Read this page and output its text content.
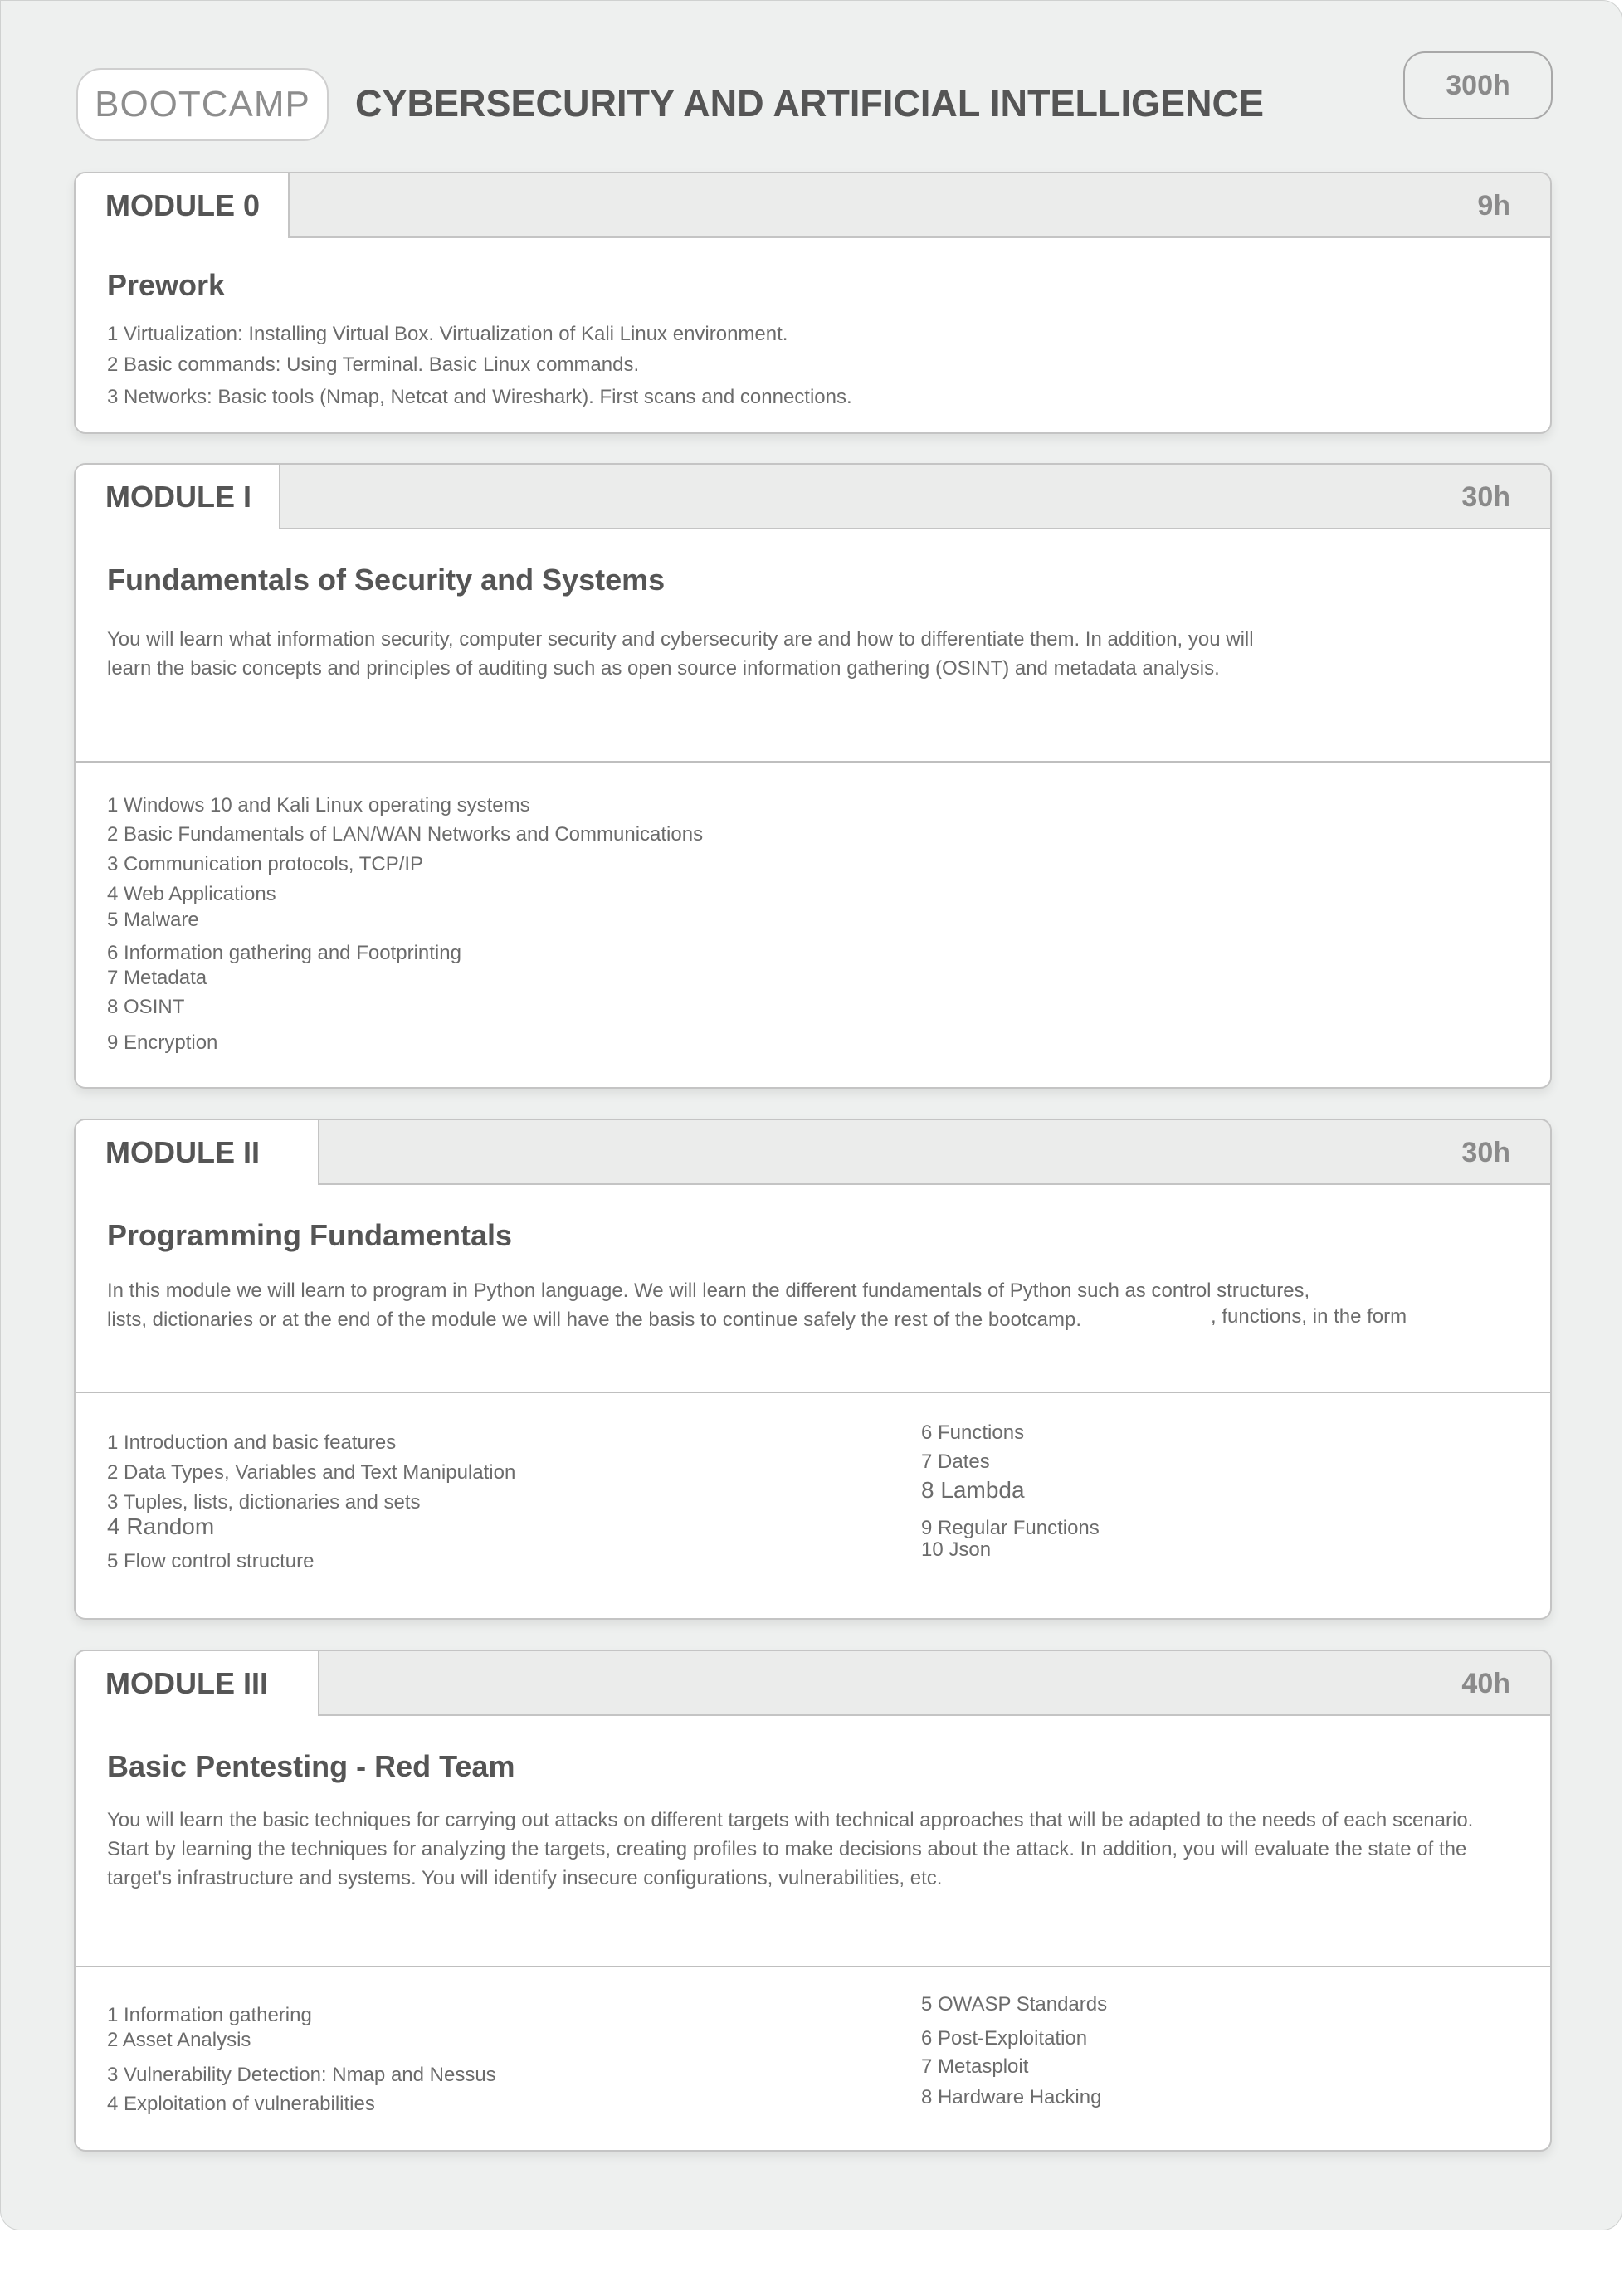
BOOTCAMP	CYBERSECURITY AND ARTIFICIAL INTELLIGENCE	300h
MODULE 0	9h
Prework
1 Virtualization: Installing Virtual Box. Virtualization of Kali Linux environment.
2 Basic commands: Using Terminal. Basic Linux commands.
3 Networks: Basic tools (Nmap, Netcat and Wireshark). First scans and connections.
MODULE I	30h
Fundamentals of Security and Systems

You will learn what information security, computer security and cybersecurity are and how to differentiate them. In addition, you will

learn the basic concepts and principles of auditing such as open source information gathering (OSINT) and metadata analysis.

1 Windows 10 and Kali Linux operating systems
2 Basic Fundamentals of LAN/WAN Networks and Communications
3 Communication protocols, TCP/IP
4 Web Applications
5 Malware
6 Information gathering and Footprinting
7 Metadata
8 OSINT
9 Encryption
MODULE II	30h
Programming Fundamentals

In this module we will learn to program in Python language. We will learn the different fundamentals of Python such as control structures,

lists, dictionaries or at the end of the module we will have the basis to continue safely the rest of the bootcamp.	, functions, in the form
1 Introduction and basic features
2 Data Types, Variables and Text Manipulation
3 Tuples, lists, dictionaries and sets
4 Random
5 Flow control structure
6 Functions
7 Dates
8 Lambda
9 Regular Functions
10 Json
MODULE III	40h
Basic Pentesting - Red Team

You will learn the basic techniques for carrying out attacks on different targets with technical approaches that will be adapted to the needs of each scenario.

Start by learning the techniques for analyzing the targets, creating profiles to make decisions about the attack. In addition, you will evaluate the state of the

target's infrastructure and systems. You will identify insecure configurations, vulnerabilities, etc.

1 Information gathering
2 Asset Analysis
3 Vulnerability Detection: Nmap and Nessus
4 Exploitation of vulnerabilities
5 OWASP Standards
6 Post-Exploitation
7 Metasploit
8 Hardware Hacking
